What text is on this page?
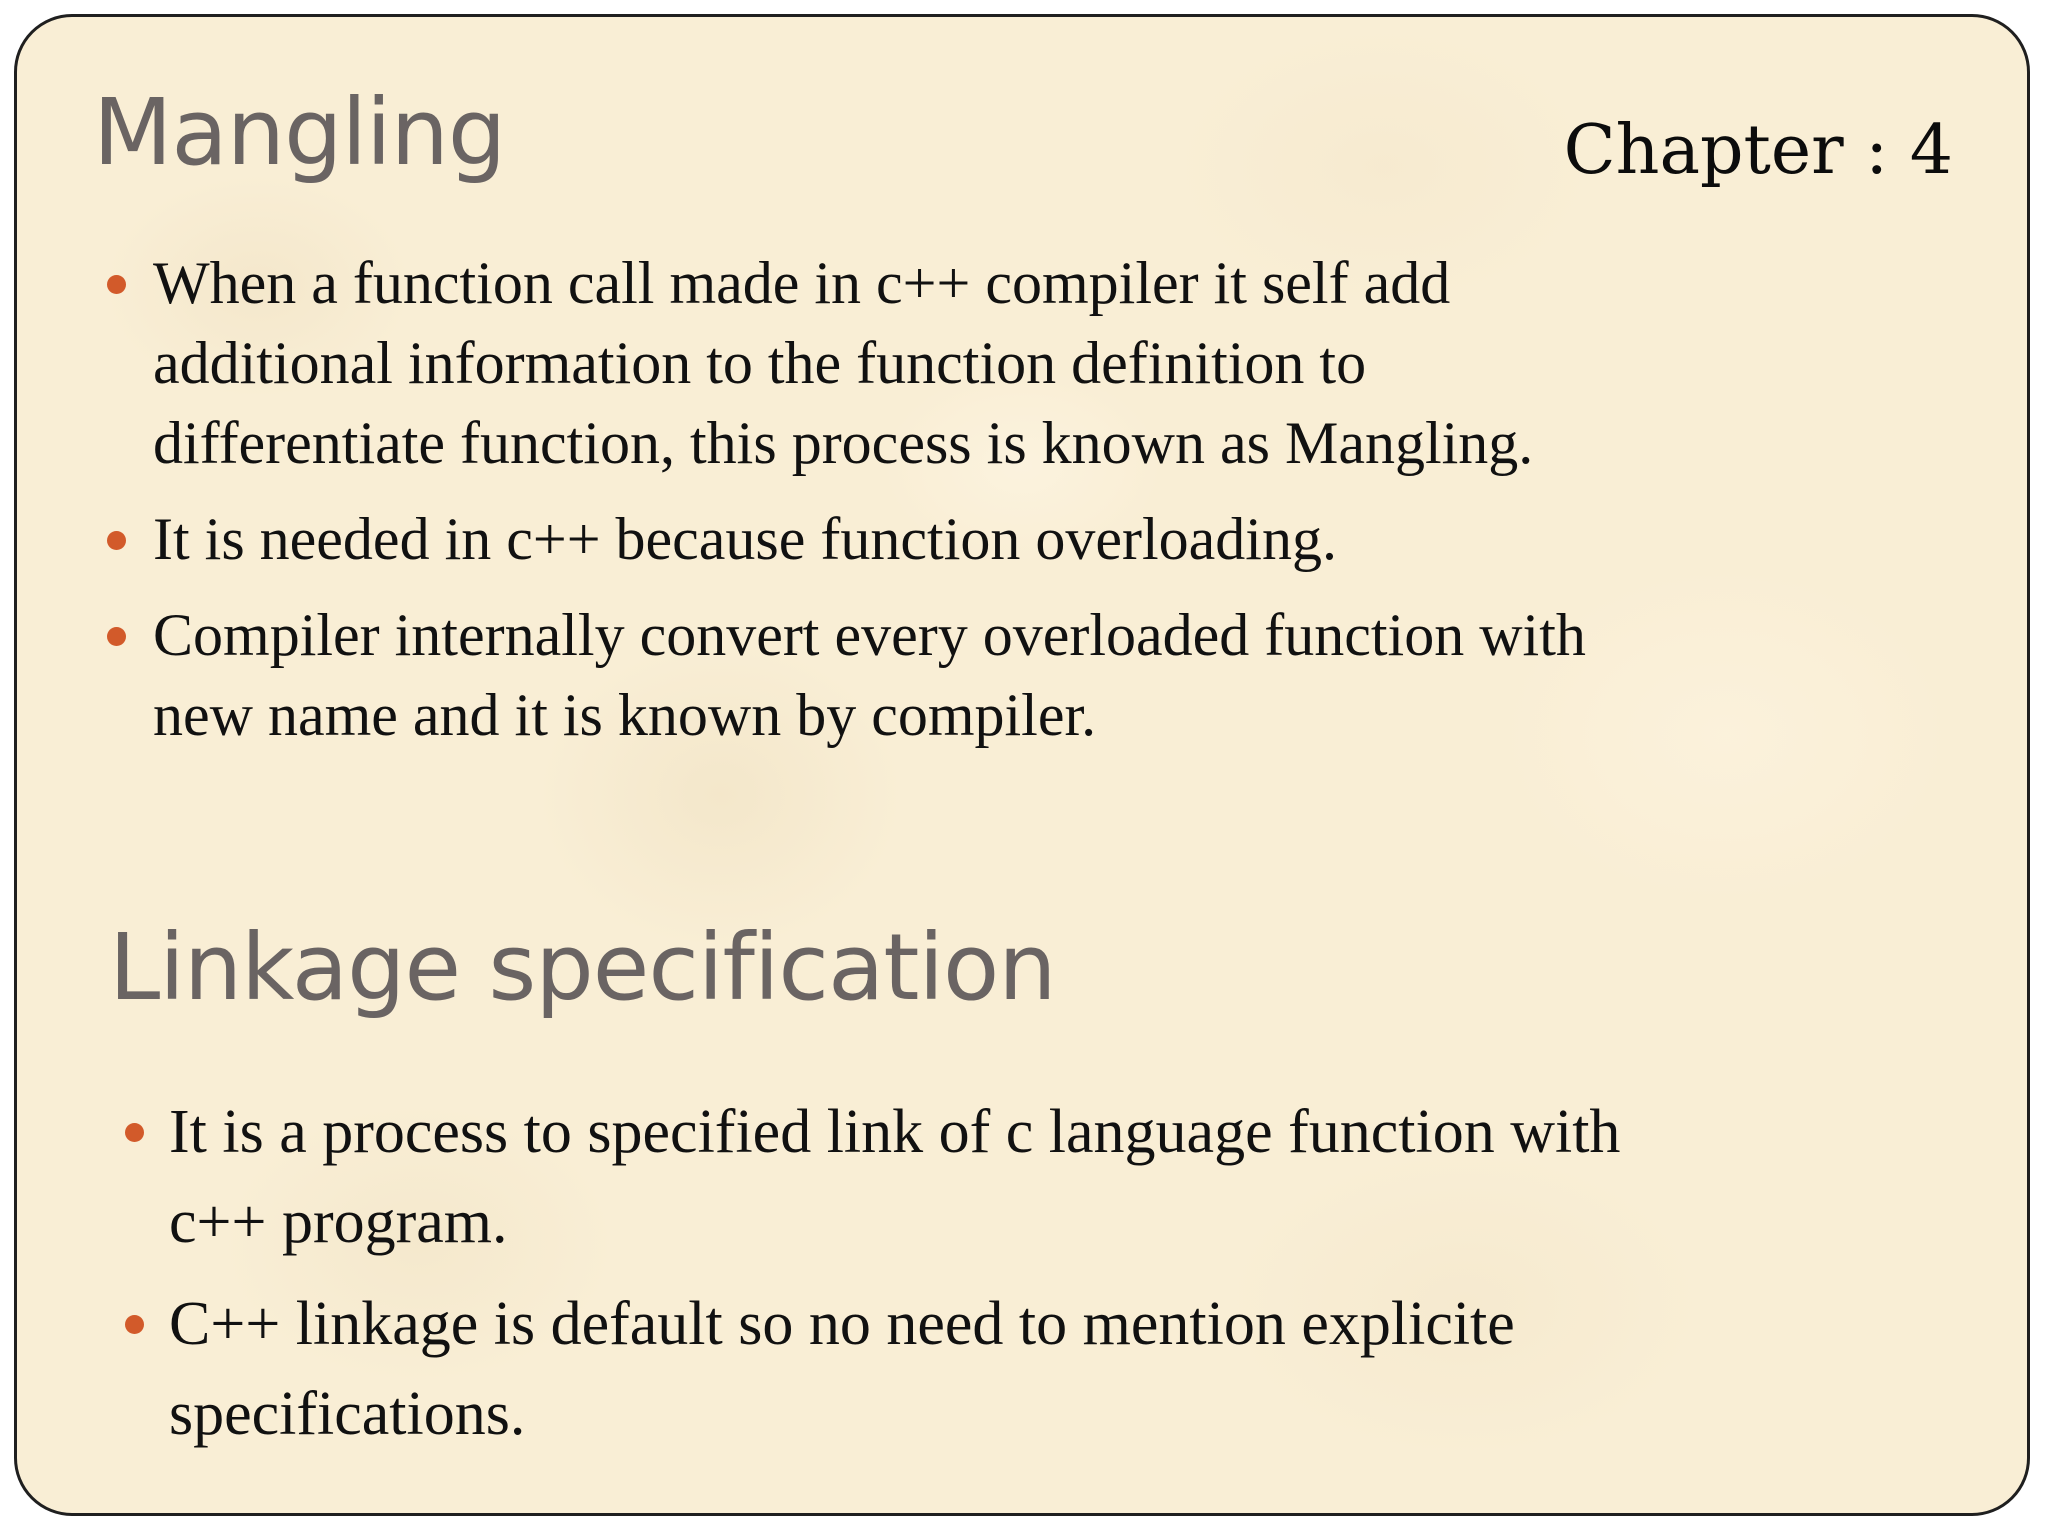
Mangling	Chapter : 4
When a function call made in c++ compiler it self add
additional information to the function definition to
differentiate function, this process is known as Mangling.
It is needed in c++ because function overloading.
Compiler internally convert every overloaded function with
new name and it is known by compiler.
Linkage specification
It is a process to specified link of c language function with
c++ program.
C++ linkage is default so no need to mention explicite
specifications.
